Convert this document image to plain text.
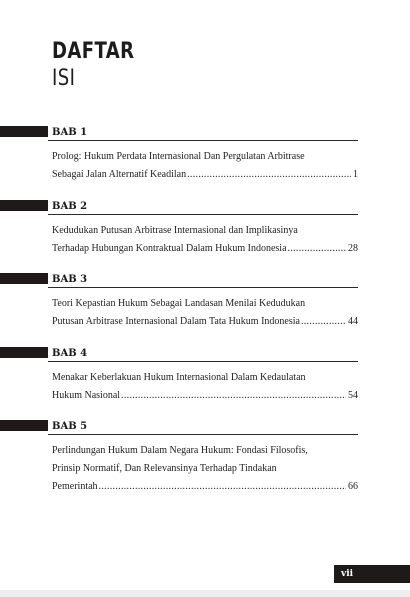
DAFTAR
ISI
BAB 1
Prolog: Hukum Perdata Internasional Dan Pergulatan Arbitrase
Sebagai Jalan Alternatif Keadilan .....	1
BAB 2
Kedudukan Putusan Arbitrase Internasional dan Implikasinya
Terhadap Hubungan Kontraktual Dalam Hukum Indonesia .....	28
BAB 3
Teori Kepastian Hukum Sebagai Landasan Menilai Kedudukan
Putusan Arbitrase Internasional Dalam Tata Hukum Indonesia .....	44
BAB 4
Menakar Keberlakuan Hukum Internasional Dalam Kedaulatan
Hukum Nasional .....	54
BAB 5
Perlindungan Hukum Dalam Negara Hukum: Fondasi Filosofis,
Prinsip Normatif, Dan Relevansinya Terhadap Tindakan
Pemerintah .....	66
vii
